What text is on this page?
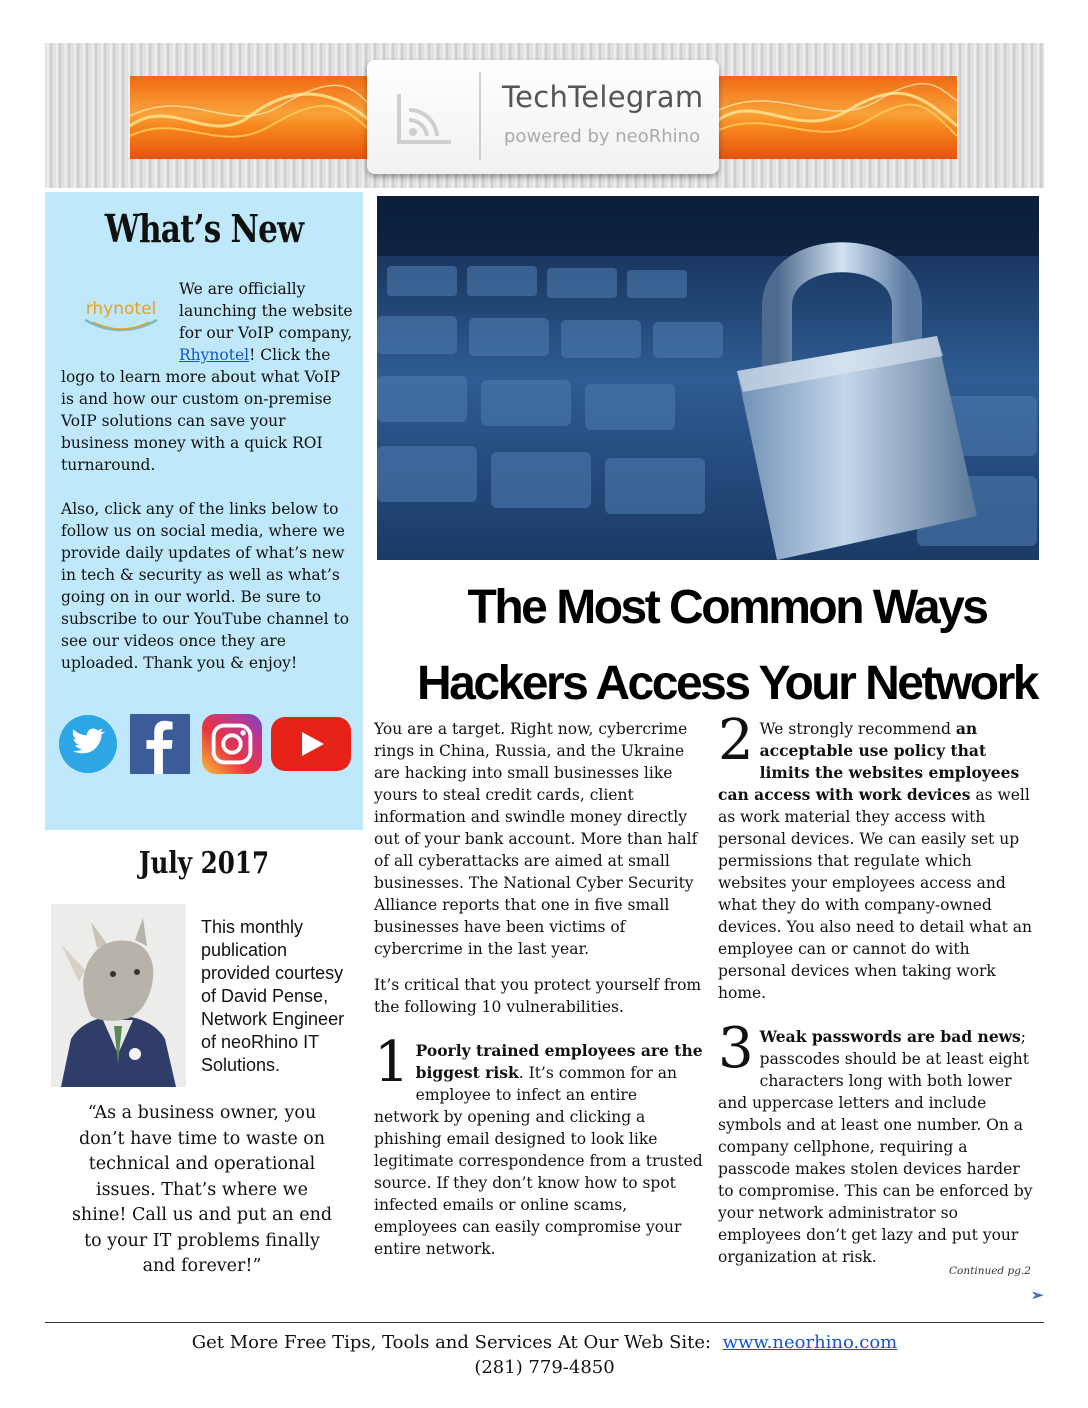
TechTelegram
powered by neoRhino
What’s New
We are officially launching the website for our VoIP company, Rhynotel! Click the logo to learn more about what VoIP is and how our custom on-premise VoIP solutions can save your business money with a quick ROI turnaround.

Also, click any of the links below to follow us on social media, where we provide daily updates of what’s new in tech & security as well as what’s going on in our world. Be sure to subscribe to our YouTube channel to see our videos once they are uploaded. Thank you & enjoy!
rhynotel
July 2017
This monthly publication provided courtesy of David Pense, Network Engineer of neoRhino IT Solutions.
“As a business owner, you don’t have time to waste on technical and operational issues. That’s where we shine! Call us and put an end to your IT problems finally and forever!”
The Most Common Ways
Hackers Access Your Network

You are a target. Right now, cybercrime rings in China, Russia, and the Ukraine are hacking into small businesses like yours to steal credit cards, client information and swindle money directly out of your bank account. More than half of all cyberattacks are aimed at small businesses. The National Cyber Security Alliance reports that one in five small businesses have been victims of cybercrime in the last year.

It’s critical that you protect yourself from the following 10 vulnerabilities.

1 Poorly trained employees are the biggest risk. It’s common for an employee to infect an entire network by opening and clicking a phishing email designed to look like legitimate correspondence from a trusted source. If they don’t know how to spot infected emails or online scams, employees can easily compromise your entire network.

2 We strongly recommend an acceptable use policy that limits the websites employees can access with work devices as well as work material they access with personal devices. We can easily set up permissions that regulate which websites your employees access and what they do with company-owned devices. You also need to detail what an employee can or cannot do with personal devices when taking work home.

3 Weak passwords are bad news; passcodes should be at least eight characters long with both lower and uppercase letters and include symbols and at least one number. On a company cellphone, requiring a passcode makes stolen devices harder to compromise. This can be enforced by your network administrator so employees don’t get lazy and put your organization at risk.

Continued pg.2
➢
Get More Free Tips, Tools and Services At Our Web Site: www.neorhino.com
(281) 779-4850
